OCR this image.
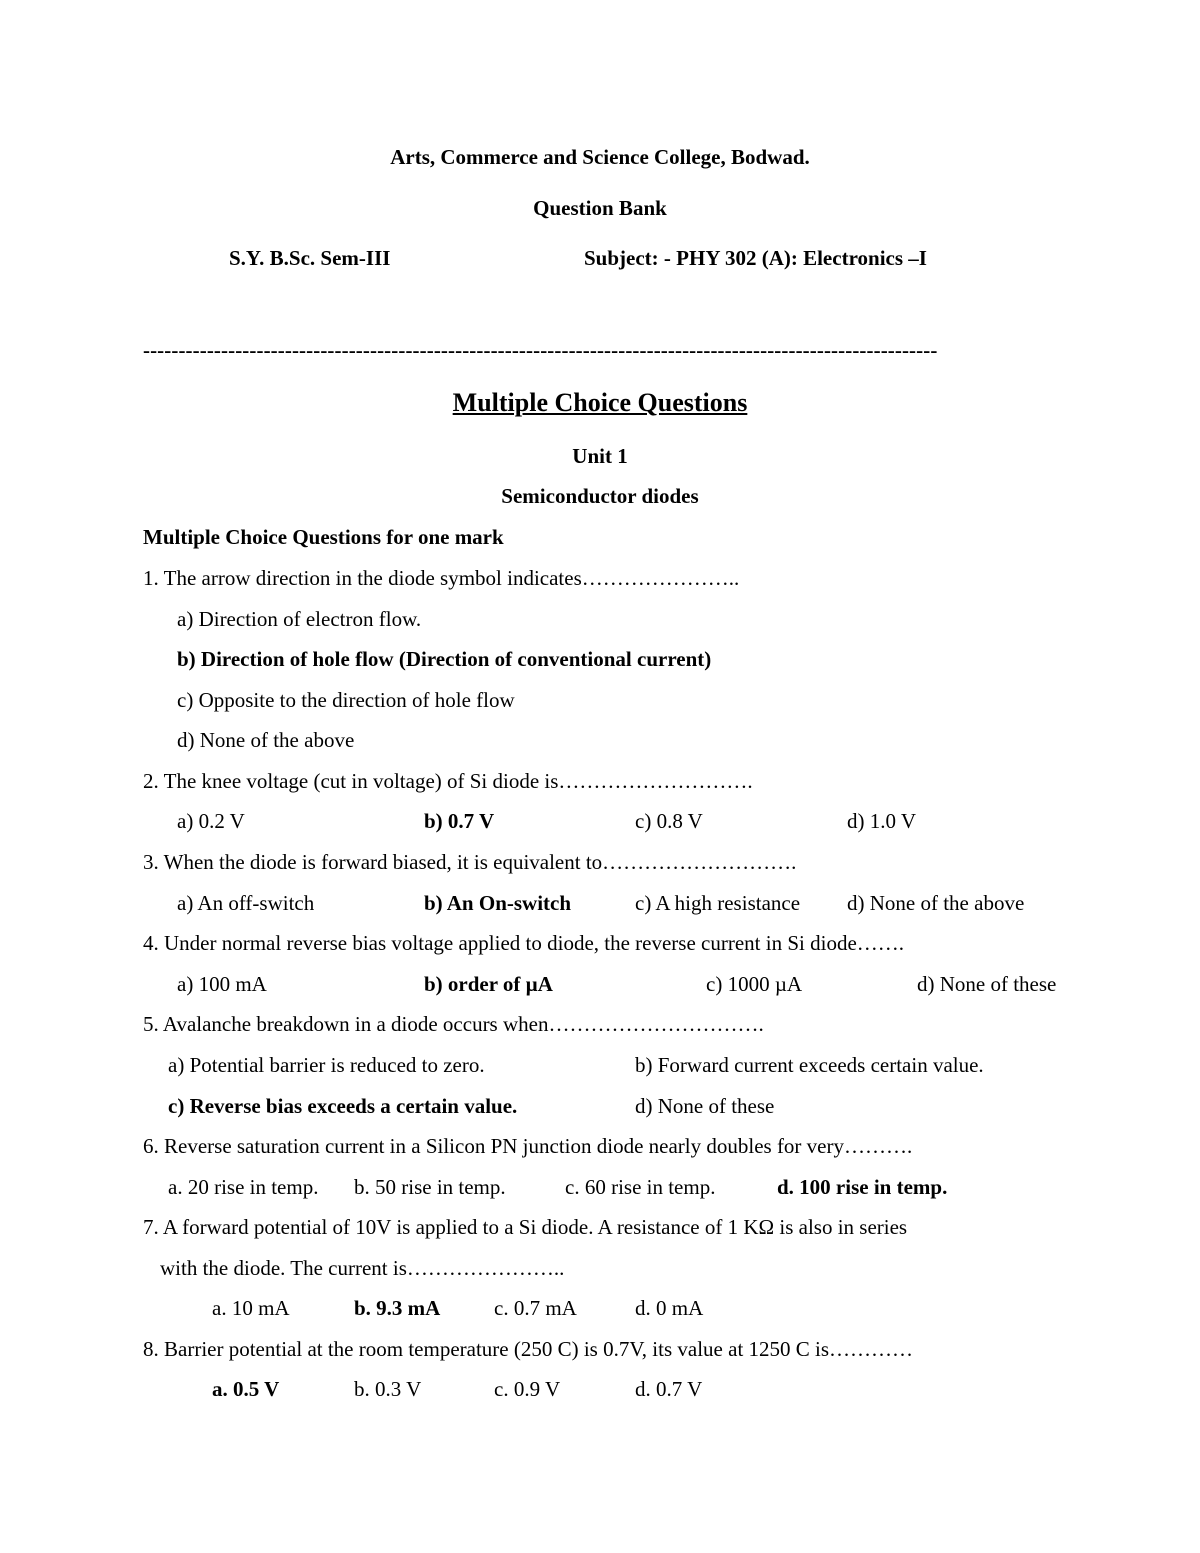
Arts, Commerce and Science College, Bodwad.
Question Bank
S.Y. B.Sc. Sem-III	Subject: - PHY 302 (A): Electronics –I
----------------------------------------------------------------------------------------------------------------
Multiple Choice Questions
Unit 1
Semiconductor diodes
Multiple Choice Questions for one mark
1. The arrow direction in the diode symbol indicates…………………..
a) Direction of electron flow.
b) Direction of hole flow (Direction of conventional current)
c) Opposite to the direction of hole flow
d) None of the above
2. The knee voltage (cut in voltage) of Si diode is……………………….
a) 0.2 V	b) 0.7 V	c) 0.8 V	d) 1.0 V
3. When the diode is forward biased, it is equivalent to……………………….
a) An off-switch	b) An On-switch	c) A high resistance d) None of the above
4. Under normal reverse bias voltage applied to diode, the reverse current in Si diode…….
a) 100 mA	b) order of µA	c) 1000 µA	d) None of these
5. Avalanche breakdown in a diode occurs when………………………….
a) Potential barrier is reduced to zero.	b) Forward current exceeds certain value.
c) Reverse bias exceeds a certain value.	d) None of these
6. Reverse saturation current in a Silicon PN junction diode nearly doubles for very……….
a. 20 rise in temp. b. 50 rise in temp.	c. 60 rise in temp.	d. 100 rise in temp.
7. A forward potential of 10V is applied to a Si diode. A resistance of 1 KΩ is also in series
with the diode. The current is…………………..
a. 10 mA	b. 9.3 mA	c. 0.7 mA	d. 0 mA
8. Barrier potential at the room temperature (250 C) is 0.7V, its value at 1250 C is…………
a. 0.5 V	b. 0.3 V	c. 0.9 V	d. 0.7 V
